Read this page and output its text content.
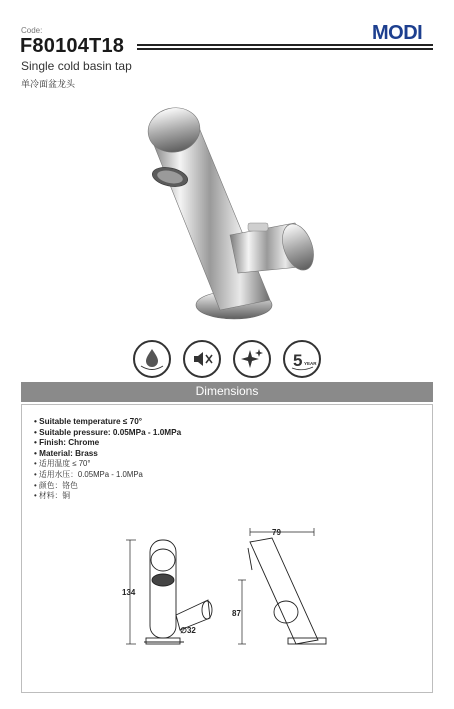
Code:
F80104T18
MODI
Single cold basin tap
单冷面盆龙头
5 YEAR
Dimensions
• Suitable temperature ≤ 70°
• Suitable pressure: 0.05MPa - 1.0MPa
• Finish: Chrome
• Material: Brass
• 适用温度 ≤ 70°
• 适用水压：0.05MPa - 1.0MPa
• 颜色：铬色
• 材料：铜
134
∅32
79
87
